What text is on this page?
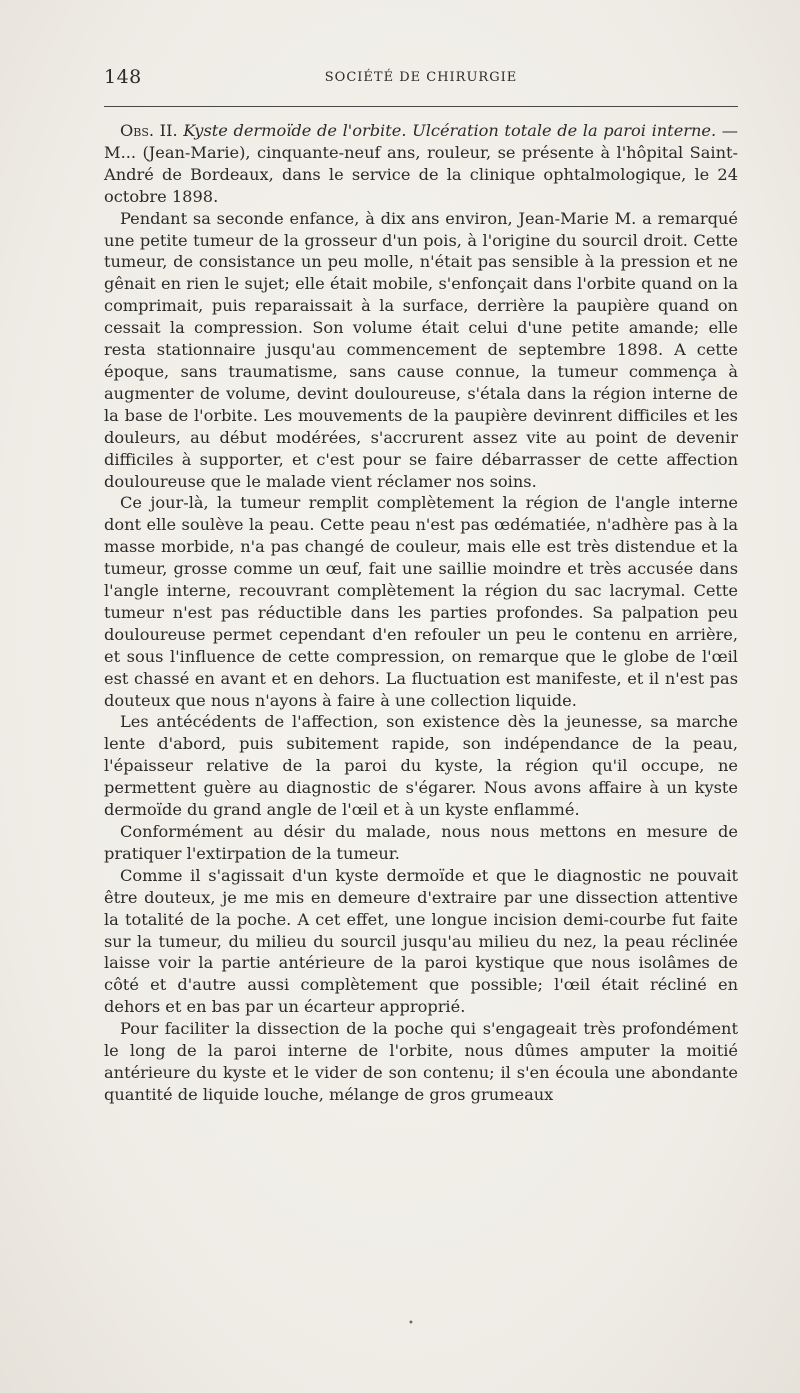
148	SOCIÉTÉ DE CHIRURGIE

Obs. II. Kyste dermoïde de l'orbite. Ulcération totale de la paroi interne. — M... (Jean-Marie), cinquante-neuf ans, rouleur, se présente à l'hôpital Saint-André de Bordeaux, dans le service de la clinique ophtalmologique, le 24 octobre 1898.

Pendant sa seconde enfance, à dix ans environ, Jean-Marie M. a remarqué une petite tumeur de la grosseur d'un pois, à l'origine du sourcil droit. Cette tumeur, de consistance un peu molle, n'était pas sensible à la pression et ne gênait en rien le sujet; elle était mobile, s'enfonçait dans l'orbite quand on la comprimait, puis reparaissait à la surface, derrière la paupière quand on cessait la compression. Son volume était celui d'une petite amande; elle resta stationnaire jusqu'au commencement de septembre 1898. A cette époque, sans traumatisme, sans cause connue, la tumeur commença à augmenter de volume, devint douloureuse, s'étala dans la région interne de la base de l'orbite. Les mouvements de la paupière devinrent difficiles et les douleurs, au début modérées, s'accrurent assez vite au point de devenir difficiles à supporter, et c'est pour se faire débarrasser de cette affection douloureuse que le malade vient réclamer nos soins.

Ce jour-là, la tumeur remplit complètement la région de l'angle interne dont elle soulève la peau. Cette peau n'est pas œdématiée, n'adhère pas à la masse morbide, n'a pas changé de couleur, mais elle est très distendue et la tumeur, grosse comme un œuf, fait une saillie moindre et très accusée dans l'angle interne, recouvrant complètement la région du sac lacrymal. Cette tumeur n'est pas réductible dans les parties profondes. Sa palpation peu douloureuse permet cependant d'en refouler un peu le contenu en arrière, et sous l'influence de cette compression, on remarque que le globe de l'œil est chassé en avant et en dehors. La fluctuation est manifeste, et il n'est pas douteux que nous n'ayons à faire à une collection liquide.

Les antécédents de l'affection, son existence dès la jeunesse, sa marche lente d'abord, puis subitement rapide, son indépendance de la peau, l'épaisseur relative de la paroi du kyste, la région qu'il occupe, ne permettent guère au diagnostic de s'égarer. Nous avons affaire à un kyste dermoïde du grand angle de l'œil et à un kyste enflammé.

Conformément au désir du malade, nous nous mettons en mesure de pratiquer l'extirpation de la tumeur.

Comme il s'agissait d'un kyste dermoïde et que le diagnostic ne pouvait être douteux, je me mis en demeure d'extraire par une dissection attentive la totalité de la poche. A cet effet, une longue incision demi-courbe fut faite sur la tumeur, du milieu du sourcil jusqu'au milieu du nez, la peau réclinée laisse voir la partie antérieure de la paroi kystique que nous isolâmes de côté et d'autre aussi complètement que possible; l'œil était récliné en dehors et en bas par un écarteur approprié.

Pour faciliter la dissection de la poche qui s'engageait très profondément le long de la paroi interne de l'orbite, nous dûmes amputer la moitié antérieure du kyste et le vider de son contenu; il s'en écoula une abondante quantité de liquide louche, mélange de gros grumeaux

•
